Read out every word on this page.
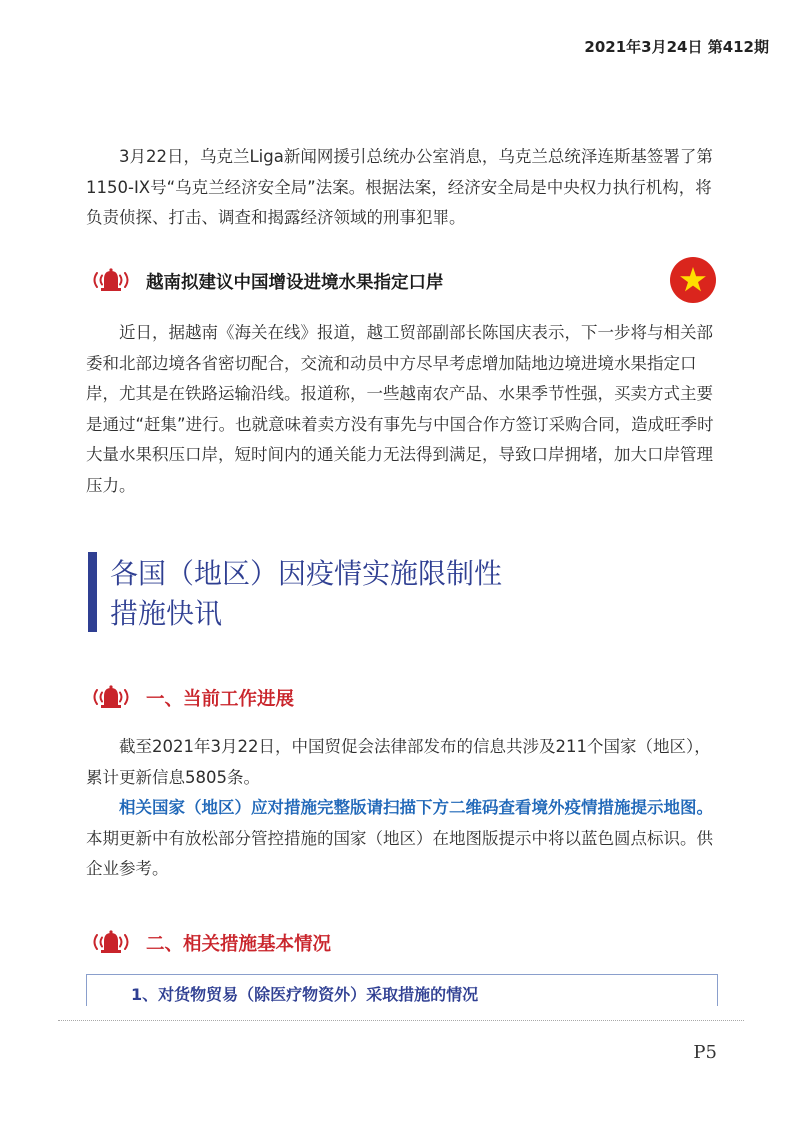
2021年3月24日 第412期

3月22日，乌克兰Liga新闻网援引总统办公室消息，乌克兰总统泽连斯基签署了第1150-IX号“乌克兰经济安全局”法案。根据法案，经济安全局是中央权力执行机构，将负责侦探、打击、调查和揭露经济领域的刑事犯罪。

越南拟建议中国增设进境水果指定口岸

近日，据越南《海关在线》报道，越工贸部副部长陈国庆表示，下一步将与相关部委和北部边境各省密切配合，交流和动员中方尽早考虑增加陆地边境进境水果指定口岸，尤其是在铁路运输沿线。报道称，一些越南农产品、水果季节性强，买卖方式主要是通过“赶集”进行。也就意味着卖方没有事先与中国合作方签订采购合同，造成旺季时大量水果积压口岸，短时间内的通关能力无法得到满足，导致口岸拥堵，加大口岸管理压力。

各国（地区）因疫情实施限制性
措施快讯

一、当前工作进展

截至2021年3月22日，中国贸促会法律部发布的信息共涉及211个国家（地区），累计更新信息5805条。

相关国家（地区）应对措施完整版请扫描下方二维码查看境外疫情措施提示地图。本期更新中有放松部分管控措施的国家（地区）在地图版提示中将以蓝色圆点标识。供企业参考。

二、相关措施基本情况
1、对货物贸易（除医疗物资外）采取措施的情况
P5
